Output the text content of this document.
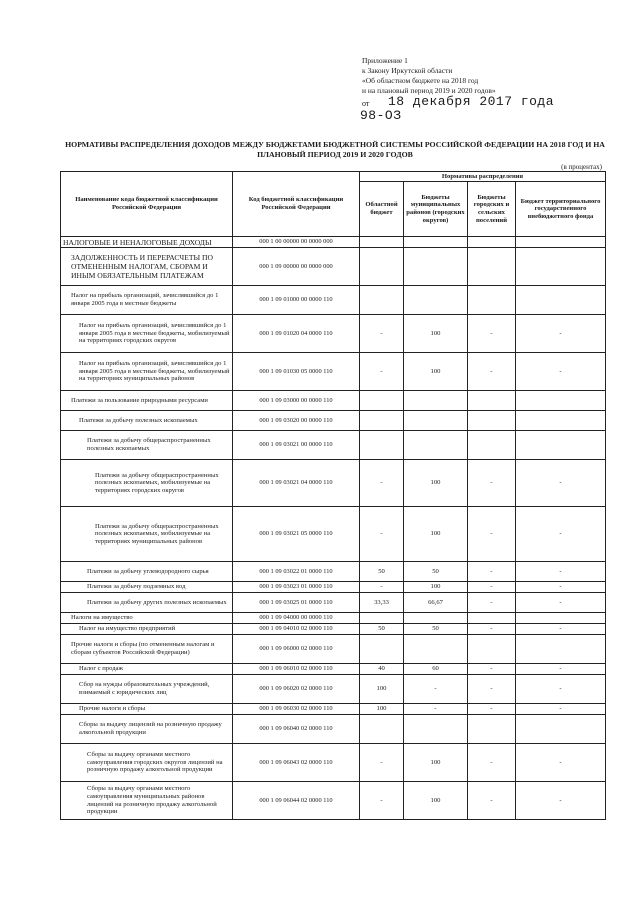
Приложение 1
к Закону Иркутской области
«Об областном бюджете на 2018 год
и на плановый период 2019 и 2020 годов»
от 18 декабря 2017 года
98-ОЗ
НОРМАТИВЫ РАСПРЕДЕЛЕНИЯ ДОХОДОВ МЕЖДУ БЮДЖЕТАМИ БЮДЖЕТНОЙ СИСТЕМЫ РОССИЙСКОЙ ФЕДЕРАЦИИ НА 2018 ГОД И НА ПЛАНОВЫЙ ПЕРИОД 2019 И 2020 ГОДОВ
(в процентах)
Наименование кода бюджетной классификации Российской Федерации	Код бюджетной классификации Российской Федерации	Нормативы распределения			
		Областной бюджет	Бюджеты муниципальных районов (городских округов)	Бюджеты городских и сельских поселений	Бюджет территориального государственного внебюджетного фонда
НАЛОГОВЫЕ И НЕНАЛОГОВЫЕ ДОХОДЫ	000 1 00 00000 00 0000 000				
ЗАДОЛЖЕННОСТЬ И ПЕРЕРАСЧЕТЫ ПО ОТМЕНЕННЫМ НАЛОГАМ, СБОРАМ И ИНЫМ ОБЯЗАТЕЛЬНЫМ ПЛАТЕЖАМ	000 1 09 00000 00 0000 000				
Налог на прибыль организаций, зачислявшийся до 1 января 2005 года в местные бюджеты	000 1 09 01000 00 0000 110				
Налог на прибыль организаций, зачислявшийся до 1 января 2005 года в местные бюджеты, мобилизуемый на территориях городских округов	000 1 09 01020 04 0000 110	-	100	-	-
Налог на прибыль организаций, зачислявшийся до 1 января 2005 года в местные бюджеты, мобилизуемый на территориях муниципальных районов	000 1 09 01030 05 0000 110	-	100	-	-
Платежи за пользование природными ресурсами	000 1 09 03000 00 0000 110				
Платежи за добычу полезных ископаемых	000 1 09 03020 00 0000 110				
Платежи за добычу общераспространенных полезных ископаемых	000 1 09 03021 00 0000 110				
Платежи за добычу общераспространенных полезных ископаемых, мобилизуемые на территориях городских округов	000 1 09 03021 04 0000 110	-	100	-	-
Платежи за добычу общераспространенных полезных ископаемых, мобилизуемые на территориях муниципальных районов	000 1 09 03021 05 0000 110	-	100	-	-
Платежи за добычу углеводородного сырья	000 1 09 03022 01 0000 110	50	50	-	-
Платежи за добычу подземных вод	000 1 09 03023 01 0000 110	-	100	-	-
Платежи за добычу других полезных ископаемых	000 1 09 03025 01 0000 110	33,33	66,67	-	-
Налоги на имущество	000 1 09 04000 00 0000 110				
Налог на имущество предприятий	000 1 09 04010 02 0000 110	50	50	-	-
Прочие налоги и сборы (по отмененным налогам и сборам субъектов Российской Федерации)	000 1 09 06000 02 0000 110				
Налог с продаж	000 1 09 06010 02 0000 110	40	60	-	-
Сбор на нужды образовательных учреждений, взимаемый с юридических лиц	000 1 09 06020 02 0000 110	100	-	-	-
Прочие налоги и сборы	000 1 09 06030 02 0000 110	100	-	-	-
Сборы за выдачу лицензий на розничную продажу алкогольной продукции	000 1 09 06040 02 0000 110				
Сборы за выдачу органами местного самоуправления городских округов лицензий на розничную продажу алкогольной продукции	000 1 09 06043 02 0000 110	-	100	-	-
Сборы за выдачу органами местного самоуправления муниципальных районов лицензий на розничную продажу алкогольной продукции	000 1 09 06044 02 0000 110	-	100	-	-
